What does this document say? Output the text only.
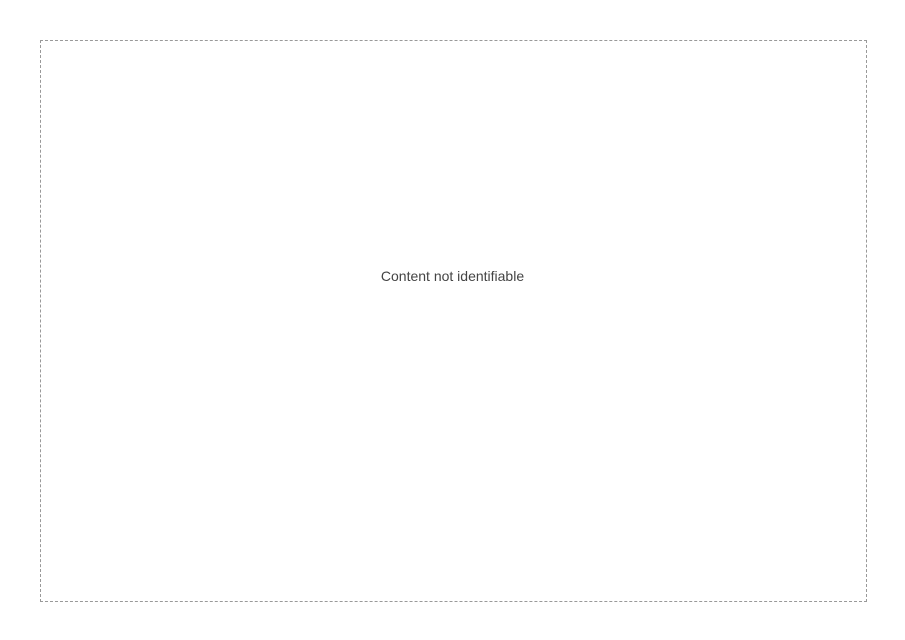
Content not identifiable
